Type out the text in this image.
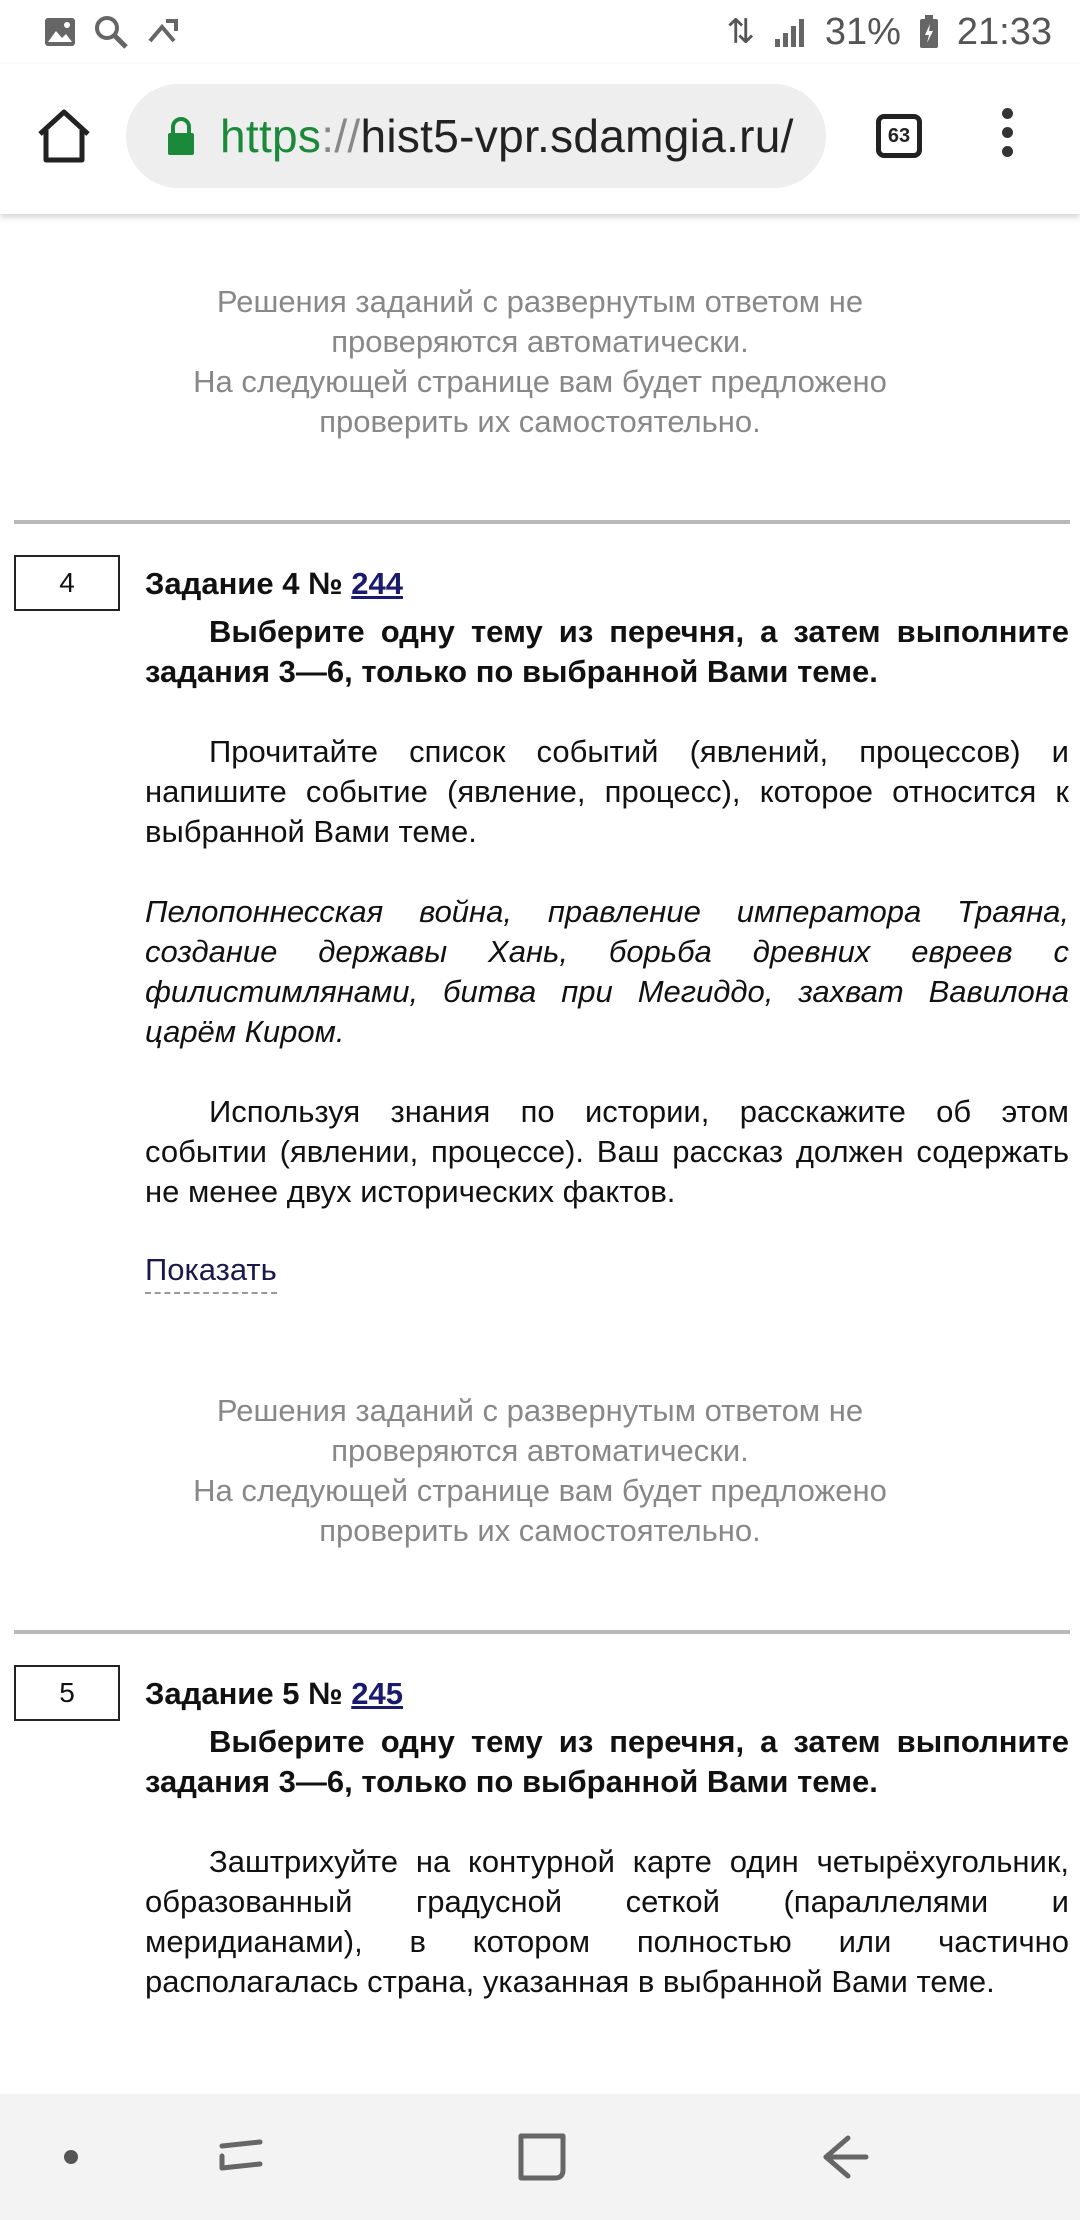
⇅ 31% 21:33
https://hist5-vpr.sdamgia.ru/	63
Решения заданий с развернутым ответом не проверяются автоматически.
На следующей странице вам будет предложено проверить их самостоятельно.
4 Задание 4 № 244

Выберите одну тему из перечня, а затем выполните задания 3—6, только по выбранной Вами теме.

Прочитайте список событий (явлений, процессов) и напишите событие (явление, процесс), которое относится к выбранной Вами теме.

Пелопоннесская война, правление императора Траяна, создание державы Хань, борьба древних евреев с филистимлянами, битва при Мегиддо, захват Вавилона царём Киром.

Используя знания по истории, расскажите об этом событии (явлении, процессе). Ваш рассказ должен содержать не менее двух исторических фактов.

Показать
Решения заданий с развернутым ответом не проверяются автоматически.
На следующей странице вам будет предложено проверить их самостоятельно.
5 Задание 5 № 245

Выберите одну тему из перечня, а затем выполните задания 3—6, только по выбранной Вами теме.

Заштрихуйте на контурной карте один четырёхугольник, образованный градусной сеткой (параллелями и меридианами), в котором полностью или частично располагалась страна, указанная в выбранной Вами теме.
